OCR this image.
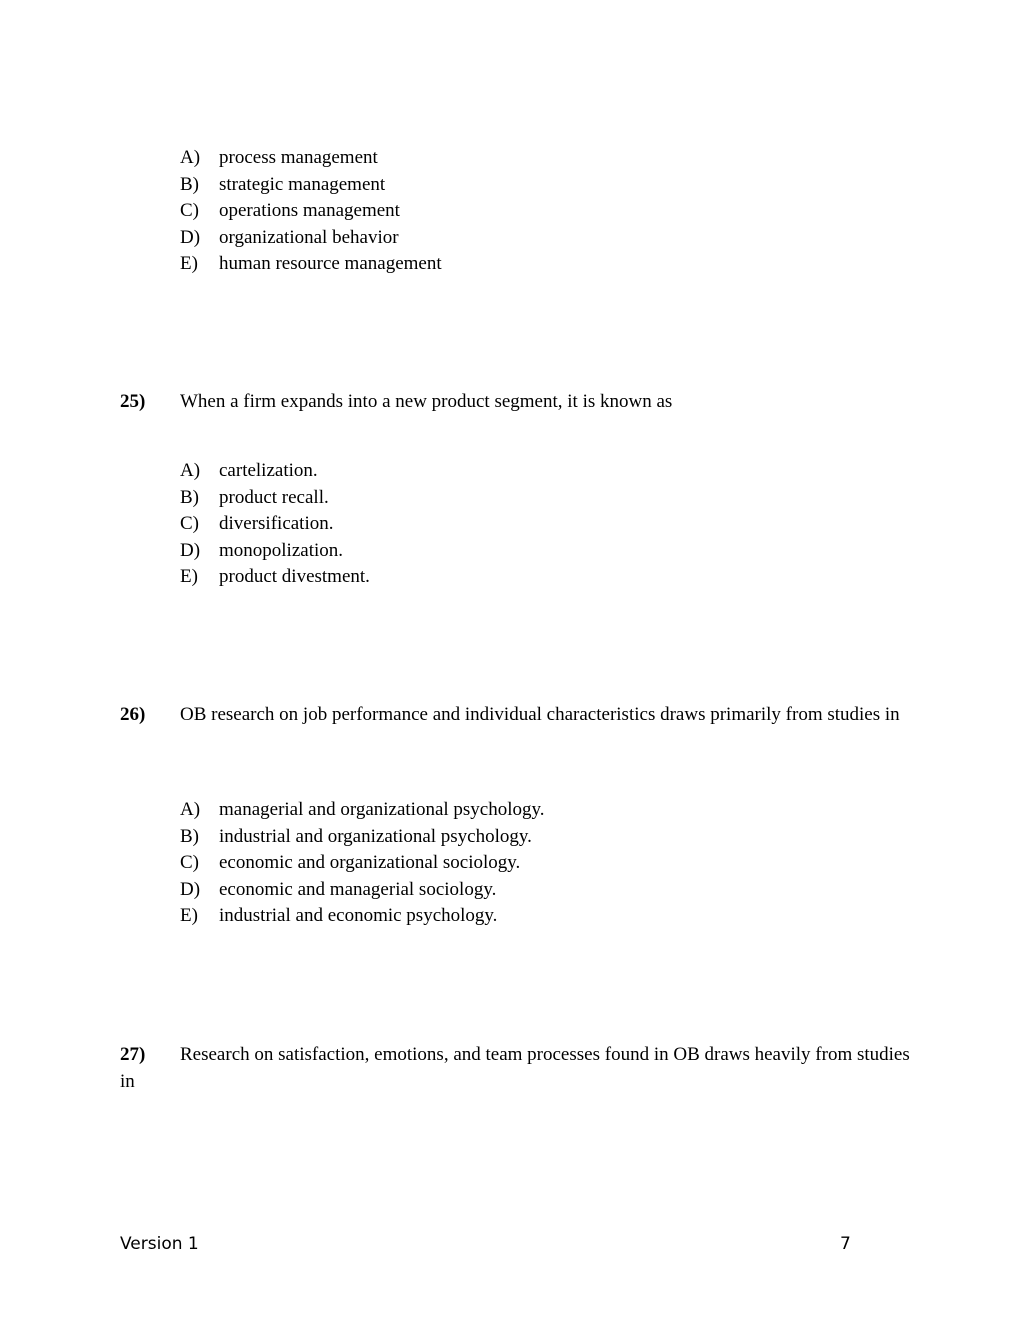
A) process management
B)	strategic management
C)	operations management
D) organizational behavior
E)	human resource management
25) When a firm expands into a new product segment, it is known as
A) cartelization.
B)	product recall.
C)	diversification.
D) monopolization.
E)	product divestment.
26) OB research on job performance and individual characteristics draws primarily from studies in
A) managerial and organizational psychology.
B)	industrial and organizational psychology.
C)	economic and organizational sociology.
D) economic and managerial sociology.
E)	industrial and economic psychology.
27) Research on satisfaction, emotions, and team processes found in OB draws heavily from studies in
Version 1	7
